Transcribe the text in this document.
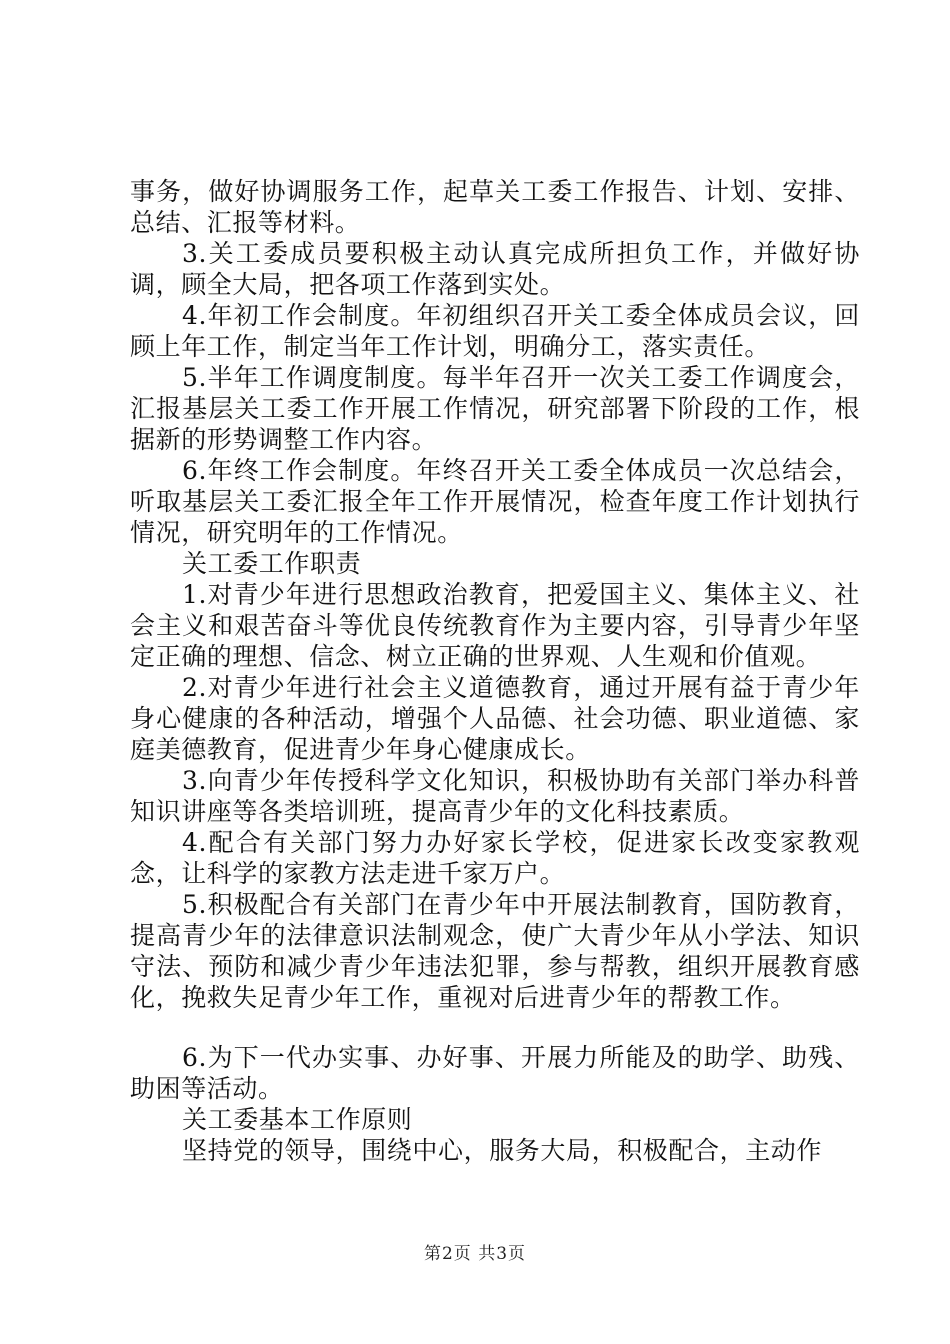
事务，做好协调服务工作，起草关工委工作报告、计划、安排、总结、汇报等材料。

3.关工委成员要积极主动认真完成所担负工作，并做好协调，顾全大局，把各项工作落到实处。

4.年初工作会制度。年初组织召开关工委全体成员会议，回顾上年工作，制定当年工作计划，明确分工，落实责任。

5.半年工作调度制度。每半年召开一次关工委工作调度会，汇报基层关工委工作开展工作情况，研究部署下阶段的工作，根据新的形势调整工作内容。

6.年终工作会制度。年终召开关工委全体成员一次总结会，听取基层关工委汇报全年工作开展情况，检查年度工作计划执行情况，研究明年的工作情况。

关工委工作职责

1.对青少年进行思想政治教育，把爱国主义、集体主义、社会主义和艰苦奋斗等优良传统教育作为主要内容，引导青少年坚定正确的理想、信念、树立正确的世界观、人生观和价值观。

2.对青少年进行社会主义道德教育，通过开展有益于青少年身心健康的各种活动，增强个人品德、社会功德、职业道德、家庭美德教育，促进青少年身心健康成长。

3.向青少年传授科学文化知识，积极协助有关部门举办科普知识讲座等各类培训班，提高青少年的文化科技素质。

4.配合有关部门努力办好家长学校，促进家长改变家教观念，让科学的家教方法走进千家万户。

5.积极配合有关部门在青少年中开展法制教育，国防教育，提高青少年的法律意识法制观念，使广大青少年从小学法、知识守法、预防和减少青少年违法犯罪，参与帮教，组织开展教育感化，挽救失足青少年工作，重视对后进青少年的帮教工作。

6.为下一代办实事、办好事、开展力所能及的助学、助残、助困等活动。

关工委基本工作原则

坚持党的领导，围绕中心，服务大局，积极配合，主动作

第2页 共3页
